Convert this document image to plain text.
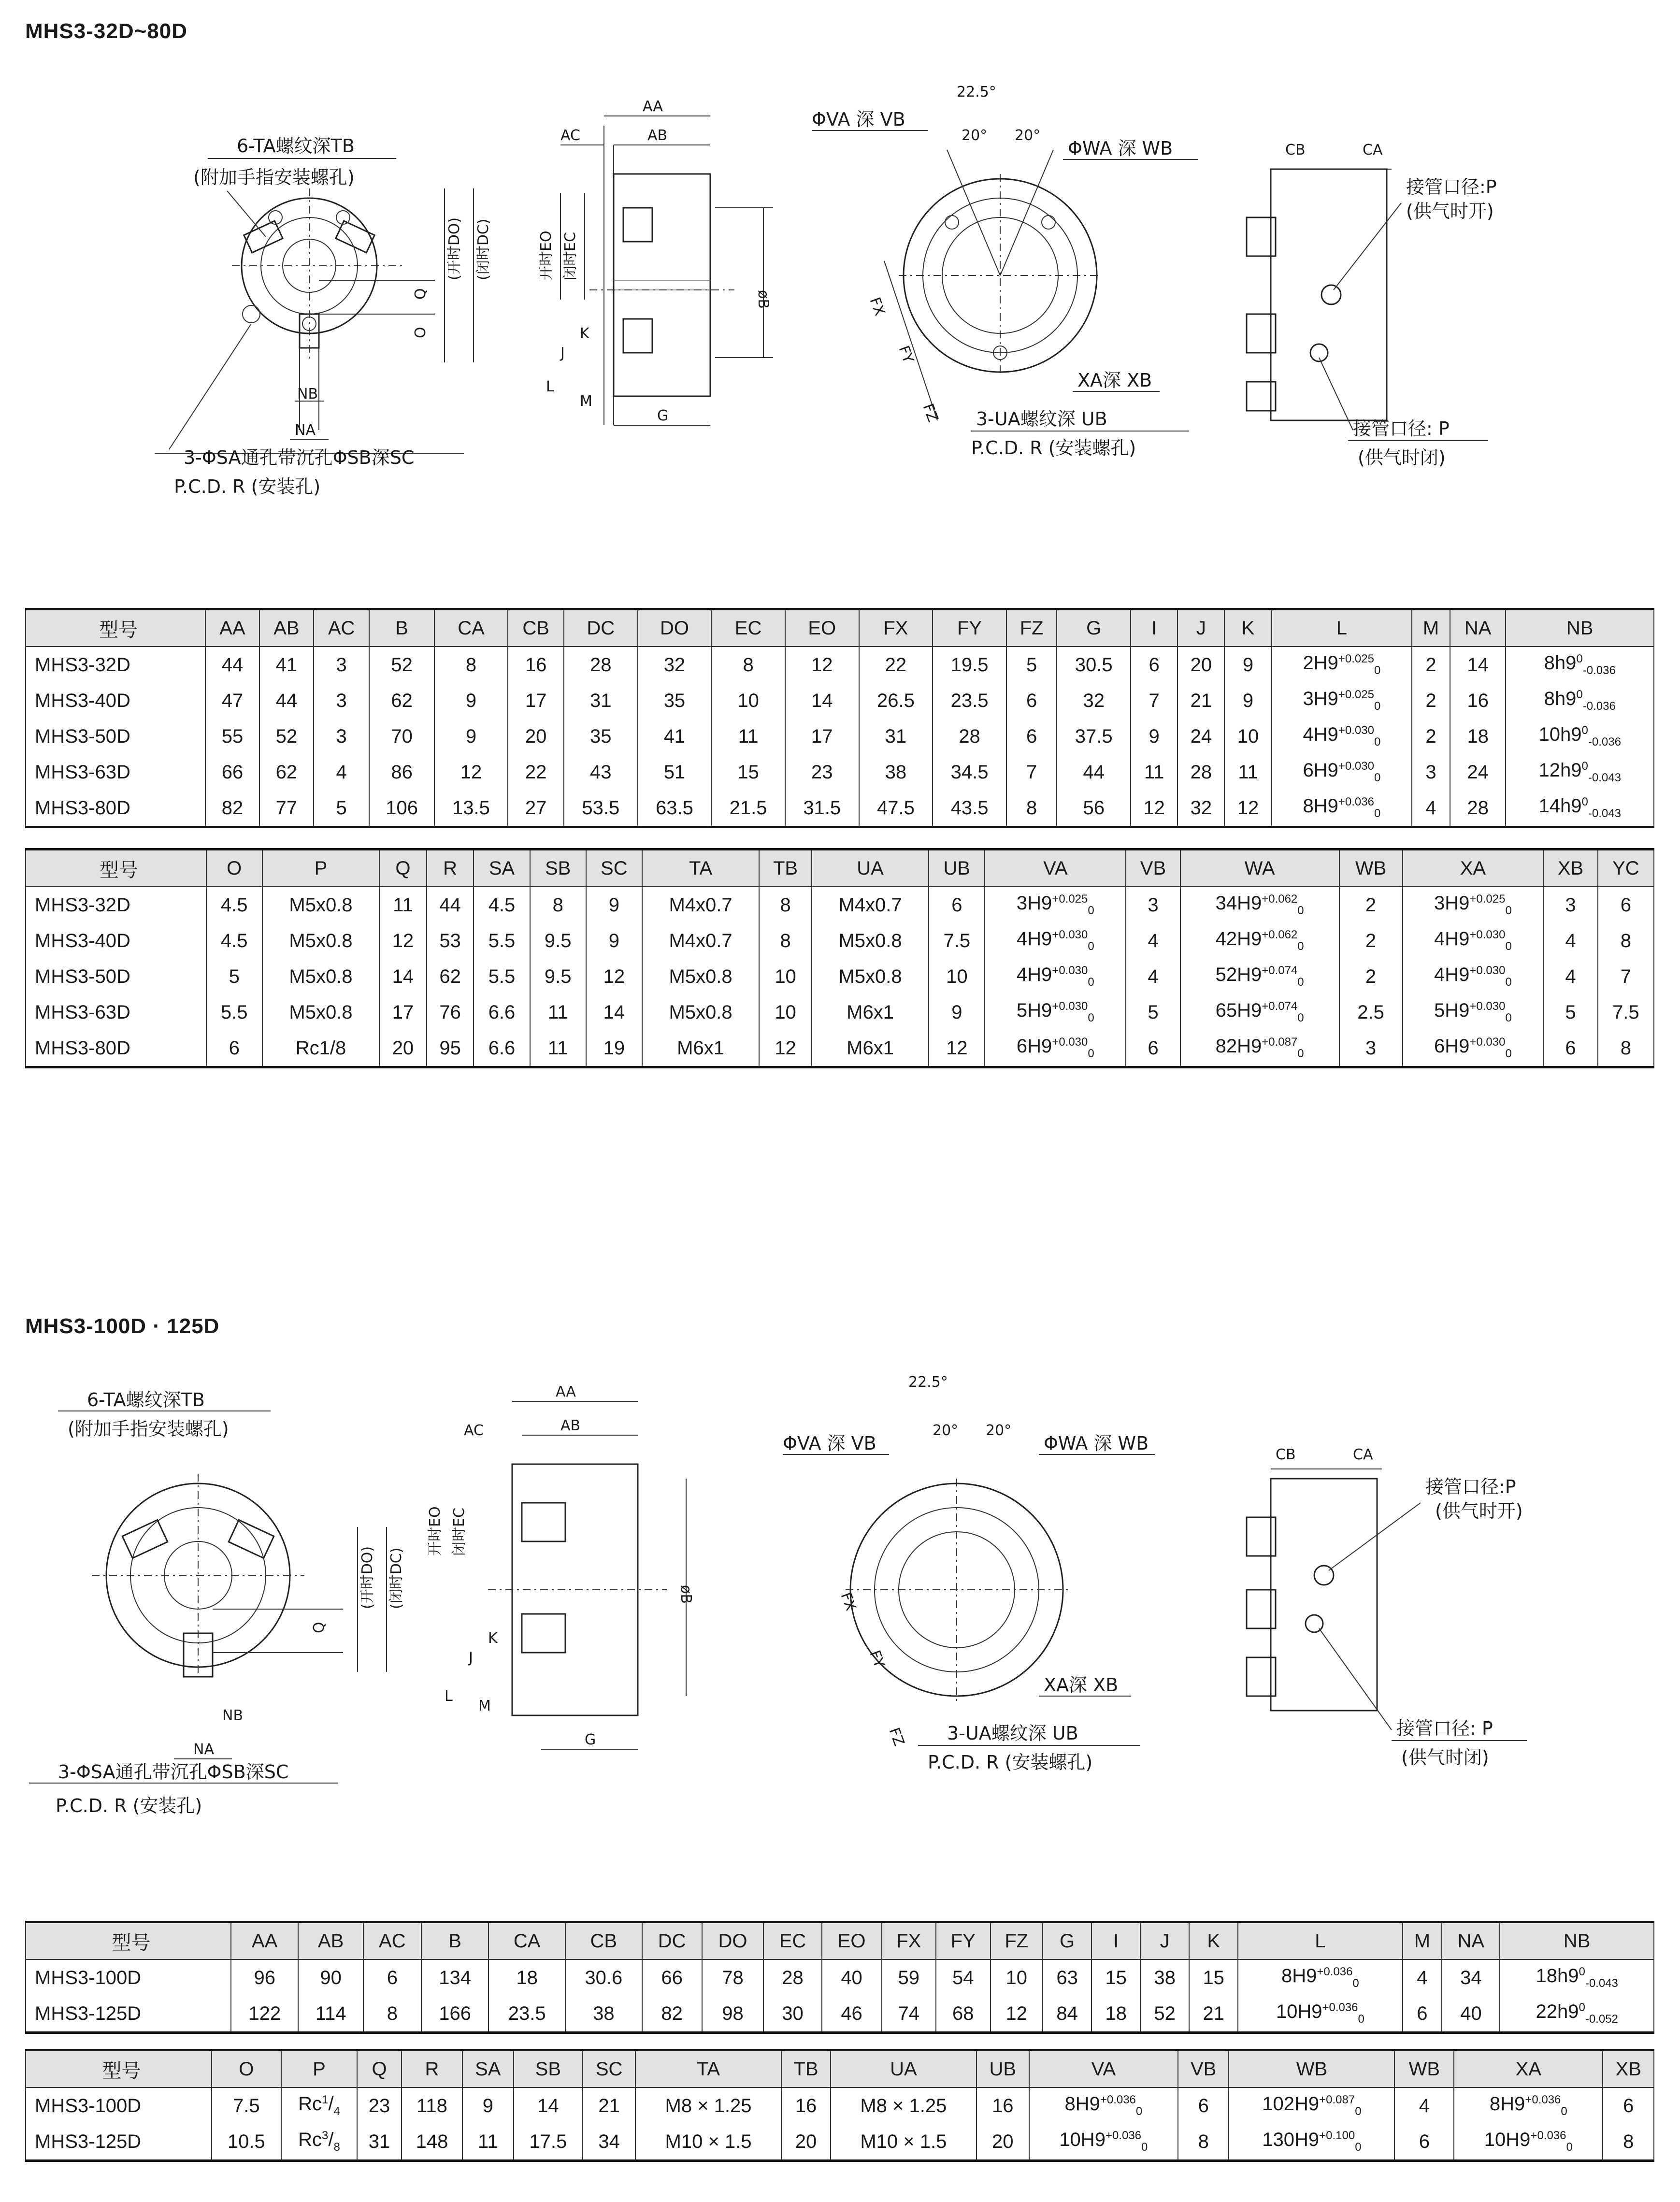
MHS3-32D~80D
6-TA螺纹深TB
(附加手指安装螺孔)
NB
NA
Q
O
(开时DO) (闭时DC)
3-ΦSA通孔带沉孔ΦSB深SC
P.C.D. R (安装孔)
AA
AB
AC
øB
开时EO 闭时EC
K
J
L
M
G
22.5°
20° 20°
ΦVA 深 VB
ΦWA 深 WB
FX
FY
FZ
XA深 XB
3-UA螺纹深 UB
P.C.D. R (安装螺孔)
CB	CA
接管口径:P
(供气时开)
接管口径: P
(供气时闭)
型号	AA	AB	AC	B	CA	CB	DC	DO	EC	EO	FX	FY	FZ	G	I	J	K	L	M	NA	NB
MHS3-32D	44	41	3	52	8	16	28	32	8	12	22	19.5	5	30.5	6	20	9	$2H9^{+0.025}_0$	2	14	$8h9^0_{-0.036}$
MHS3-40D	47	44	3	62	9	17	31	35	10	14	26.5	23.5	6	32	7	21	9	$3H9^{+0.025}_0$	2	16	$8h9^0_{-0.036}$
MHS3-50D	55	52	3	70	9	20	35	41	11	17	31	28	6	37.5	9	24	10	$4H9^{+0.030}_0$	2	18	$10h9^0_{-0.036}$
MHS3-63D	66	62	4	86	12	22	43	51	15	23	38	34.5	7	44	11	28	11	$6H9^{+0.030}_0$	3	24	$12h9^0_{-0.043}$
MHS3-80D	82	77	5	106	13.5	27	53.5	63.5	21.5	31.5	47.5	43.5	8	56	12	32	12	$8H9^{+0.036}_0$	4	28	$14h9^0_{-0.043}$
型号	O	P	Q	R	SA	SB	SC	TA	TB	UA	UB	VA	VB	WA	WB	XA	XB	YC
MHS3-32D	4.5	M5x0.8	11	44	4.5	8	9	M4x0.7	8	M4x0.7	6	$3H9^{+0.025}_0$	3	$34H9^{+0.062}_0$	2	$3H9^{+0.025}_0$	3	6
MHS3-40D	4.5	M5x0.8	12	53	5.5	9.5	9	M4x0.7	8	M5x0.8	7.5	$4H9^{+0.030}_0$	4	$42H9^{+0.062}_0$	2	$4H9^{+0.030}_0$	4	8
MHS3-50D	5	M5x0.8	14	62	5.5	9.5	12	M5x0.8	10	M5x0.8	10	$4H9^{+0.030}_0$	4	$52H9^{+0.074}_0$	2	$4H9^{+0.030}_0$	4	7
MHS3-63D	5.5	M5x0.8	17	76	6.6	11	14	M5x0.8	10	M6x1	9	$5H9^{+0.030}_0$	5	$65H9^{+0.074}_0$	2.5	$5H9^{+0.030}_0$	5	7.5
MHS3-80D	6	Rc1/8	20	95	6.6	11	19	M6x1	12	M6x1	12	$6H9^{+0.030}_0$	6	$82H9^{+0.087}_0$	3	$6H9^{+0.030}_0$	6	8
MHS3-100D · 125D
6-TA螺纹深TB
(附加手指安装螺孔)
Q
(开时DO) (闭时DC)
NB
NA
3-ΦSA通孔带沉孔ΦSB深SC
P.C.D. R (安装孔)
AA
AB
AC
øB
开时EO 闭时EC
K
J
L
M
G
22.5°
20° 20°
ΦVA 深 VB	ΦWA 深 WB
FX
FY
FZ
XA深 XB
3-UA螺纹深 UB
P.C.D. R (安装螺孔)
CB	CA
接管口径:P
(供气时开)
接管口径: P
(供气时闭)
型号	AA	AB	AC	B	CA	CB	DC	DO	EC	EO	FX	FY	FZ	G	I	J	K	L	M	NA	NB
MHS3-100D	96	90	6	134	18	30.6	66	78	28	40	59	54	10	63	15	38	15	$8H9^{+0.036}_0$	4	34	$18h9^0_{-0.043}$
MHS3-125D	122	114	8	166	23.5	38	82	98	30	46	74	68	12	84	18	52	21	$10H9^{+0.036}_0$	6	40	$22h9^0_{-0.052}$
型号	O	P	Q	R	SA	SB	SC	TA	TB	UA	UB	VA	VB	WB	WB	XA	XB
MHS3-100D	7.5	$Rc^1/_4$	23	118	9	14	21	M8 × 1.25	16	M8 × 1.25	16	$8H9^{+0.036}_0$	6	$102H9^{+0.087}_0$	4	$8H9^{+0.036}_0$	6
MHS3-125D	10.5	$Rc^3/_8$	31	148	11	17.5	34	M10 × 1.5	20	M10 × 1.5	20	$10H9^{+0.036}_0$	8	$130H9^{+0.100}_0$	6	$10H9^{+0.036}_0$	8
